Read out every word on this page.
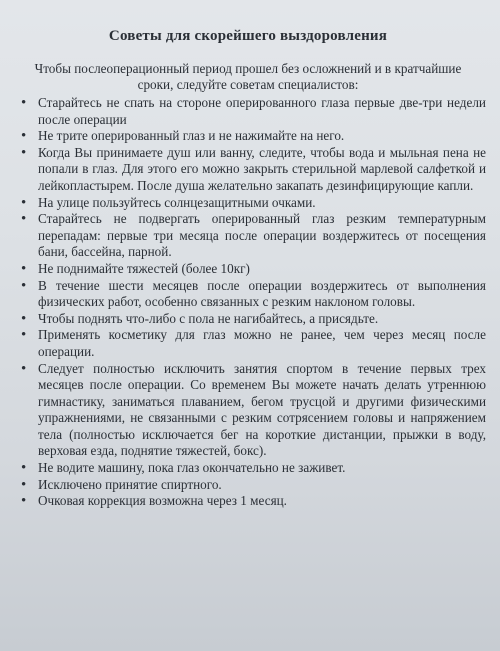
Советы для скорейшего выздоровления
Чтобы послеоперационный период прошел без осложнений и в кратчайшие сроки, следуйте советам специалистов:
• Старайтесь не спать на стороне оперированного глаза первые две-три недели после операции
• Не трите оперированный глаз и не нажимайте на него.
• Когда Вы принимаете душ или ванну, следите, чтобы вода и мыльная пена не попали в глаз. Для этого его можно закрыть стерильной марлевой салфеткой и лейкопластырем. После душа желательно закапать дезинфицирующие капли.
• На улице пользуйтесь солнцезащитными очками.
• Старайтесь не подвергать оперированный глаз резким температурным перепадам: первые три месяца после операции воздержитесь от посещения бани, бассейна, парной.
• Не поднимайте тяжестей (более 10кг)
• В течение шести месяцев после операции воздержитесь от выполнения физических работ, особенно связанных с резким наклоном головы.
• Чтобы поднять что-либо с пола не нагибайтесь, а присядьте.
• Применять косметику для глаз можно не ранее, чем через месяц после операции.
• Следует полностью исключить занятия спортом в течение первых трех месяцев после операции. Со временем Вы можете начать делать утреннюю гимнастику, заниматься плаванием, бегом трусцой и другими физическими упражнениями, не связанными с резким сотрясением головы и напряжением тела (полностью исключается бег на короткие дистанции, прыжки в воду, верховая езда, поднятие тяжестей, бокс).
• Не водите машину, пока глаз окончательно не заживет.
• Исключено принятие спиртного.
• Очковая коррекция возможна через 1 месяц.
